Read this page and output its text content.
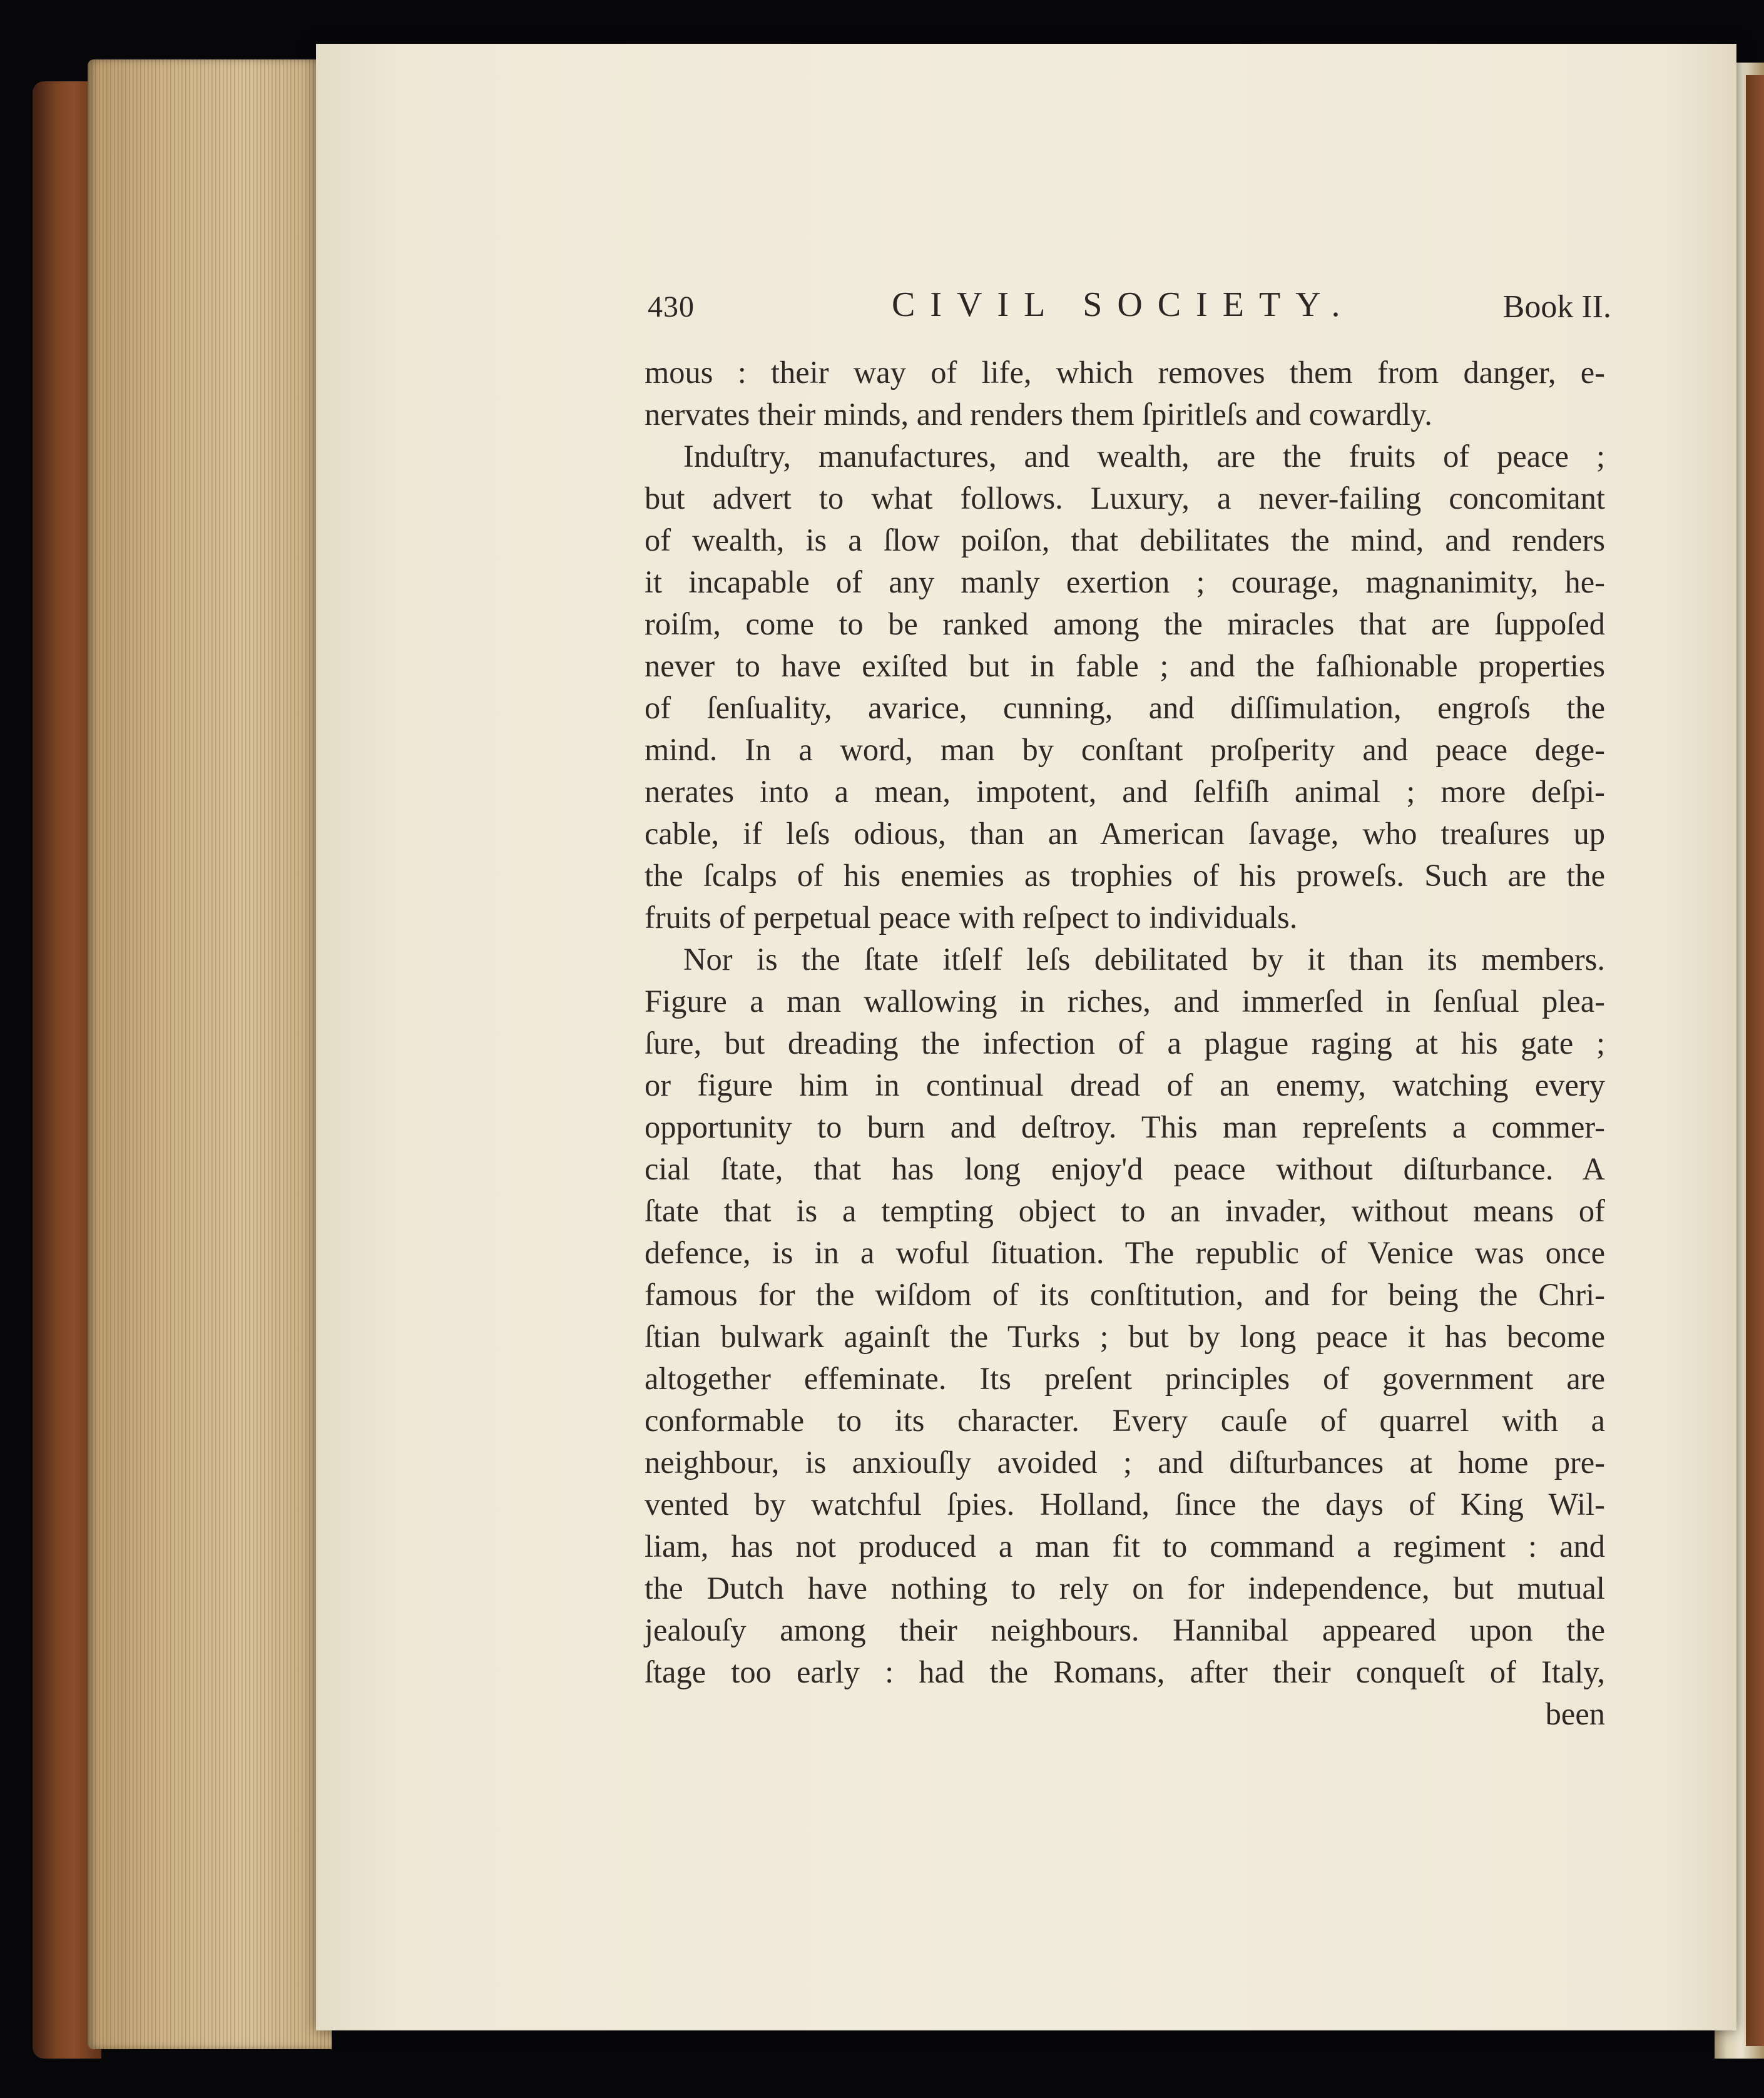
430	CIVIL SOCIETY.	Book II.
mous : their way of life, which removes them from danger, e-
nervates their minds, and renders them ſpiritleſs and cowardly.
Induſtry, manufactures, and wealth, are the fruits of peace ;
but advert to what follows. Luxury, a never-failing concomitant
of wealth, is a ſlow poiſon, that debilitates the mind, and renders
it incapable of any manly exertion ; courage, magnanimity, he-
roiſm, come to be ranked among the miracles that are ſuppoſed
never to have exiſted but in fable ; and the faſhionable properties
of ſenſuality, avarice, cunning, and diſſimulation, engroſs the
mind. In a word, man by conſtant proſperity and peace dege-
nerates into a mean, impotent, and ſelfiſh animal ; more deſpi-
cable, if leſs odious, than an American ſavage, who treaſures up
the ſcalps of his enemies as trophies of his proweſs. Such are the
fruits of perpetual peace with reſpect to individuals.
Nor is the ſtate itſelf leſs debilitated by it than its members.
Figure a man wallowing in riches, and immerſed in ſenſual plea-
ſure, but dreading the infection of a plague raging at his gate ;
or figure him in continual dread of an enemy, watching every
opportunity to burn and deſtroy. This man repreſents a commer-
cial ſtate, that has long enjoy'd peace without diſturbance. A
ſtate that is a tempting object to an invader, without means of
defence, is in a woful ſituation. The republic of Venice was once
famous for the wiſdom of its conſtitution, and for being the Chri-
ſtian bulwark againſt the Turks ; but by long peace it has become
altogether effeminate. Its preſent principles of government are
conformable to its character. Every cauſe of quarrel with a
neighbour, is anxiouſly avoided ; and diſturbances at home pre-
vented by watchful ſpies. Holland, ſince the days of King Wil-
liam, has not produced a man fit to command a regiment : and
the Dutch have nothing to rely on for independence, but mutual
jealouſy among their neighbours. Hannibal appeared upon the
ſtage too early : had the Romans, after their conqueſt of Italy,
been
